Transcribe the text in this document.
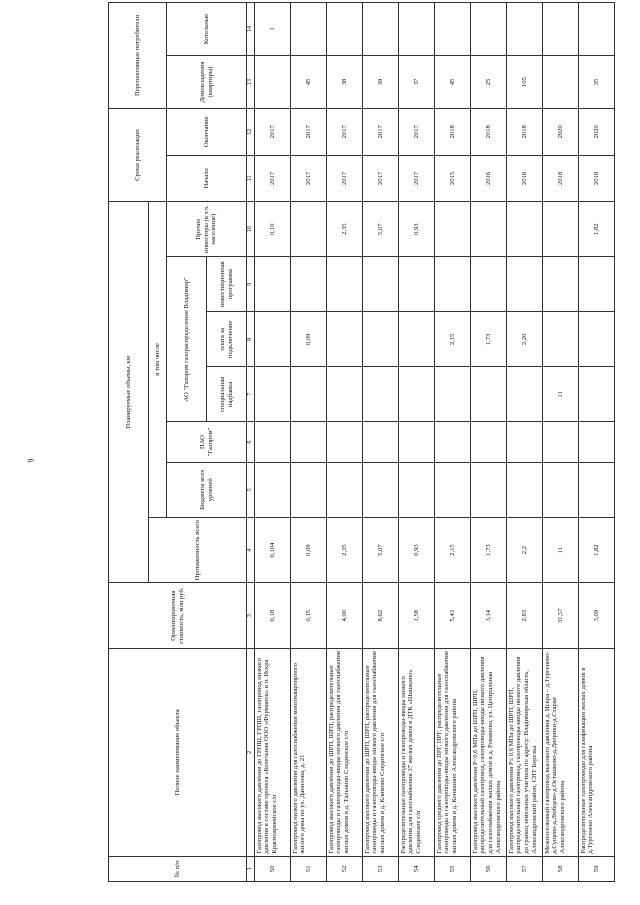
9
№ п/п	Полное наименование объекта	Ориентировочная стоимость, млн руб.	Планируемые объемы, км							Сроки реализации		Перспективные потребители	
			Протяженность всего	в том числе									
				Бюджеты всех уровней	ПАО "Газпром"	АО "Газпром газораспределение Владимир"			Прочие инвесторы (в т.ч. население)	Начало	Окончание	Домовладения (квартиры)	Котельные
						специальная надбавка	плата за подключение	инвестиционная программа					
1	2	3	4	5	6	7	8	9	10	11	12	13	14
50	Газопровод высокого давления до ГРПШ, ГРПШ, газопровод низкого давления в составе проекта «Котельная ООО «Фурманов» в п. Искра Красноармейское с/п	0,18	0,104						0,10	2017	2017		1
51	Газопровод низкого давления для газоснабжения многоквартирного жилого дома по ул. Данилова, д. 21	0,15	0,09				0,09			2017	2017	45	
52	Газопровод высокого давления до ШРП, ШРП, распределительные газопроводы и газопроводы-вводы низкого давления для газоснабжения жилых домов в д. Тальнино Слединское с/п	4,00	2,35						2,35	2017	2017	38	
53	Газопровод высокого давления до ШРП, ШРП, распределительные газопроводы и газопроводы-вводы низкого давления для газоснабжения жилых домов в д. Климово Слединское с/п	8,62	5,07						5,07	2017	2017	39	
54	Распределительные газопроводы и газопроводы-вводы низкого давления для газоснабжения 37 жилых домов в ДТК «Шишкино» Слединское с/п	1,58	0,93						0,93	2017	2017	37	
55	Газопровод среднего давления до ПРГ, ПРГ, распределительные газопроводы и газопроводы-вводы низкого давления для газоснабжения жилых домов в д. Коняшино Александровского района	5,43	2,15				2,15			2015	2018	45	
56	Газопровод высокого давления Р<0,6 МПа до ШРП, ШРП, распределительный газопровод, газопроводы-вводы низкого давления для газоснабжения жилых домов в д. Романово, ул. Центральная Александровского района	3,14	1,73				1,73			2016	2018	25	
57	Газопровод высокого давления Р≤ 0,6 МПа до ШРП, ШРП, распределительный газопровод, газопроводы-вводы низкого давления до границ земельных участков по адресу: Владимирская область, Александровский район, СНТ Березка	2,83	2,2				2,20			2016	2018	105	
58	Межпоселковый газопровод высокого давления д. Искра – д.Тургенево-д.Сущево-д.Любцево-д.Осташково-д.Дворики-д.Старая Александровского района	31,57	11			11				2018	2020		
59	Распределительные газопроводы для газификации жилых домов в д.Тургенево Александровского района	3,09	1,82						1,82	2018	2020	35	
